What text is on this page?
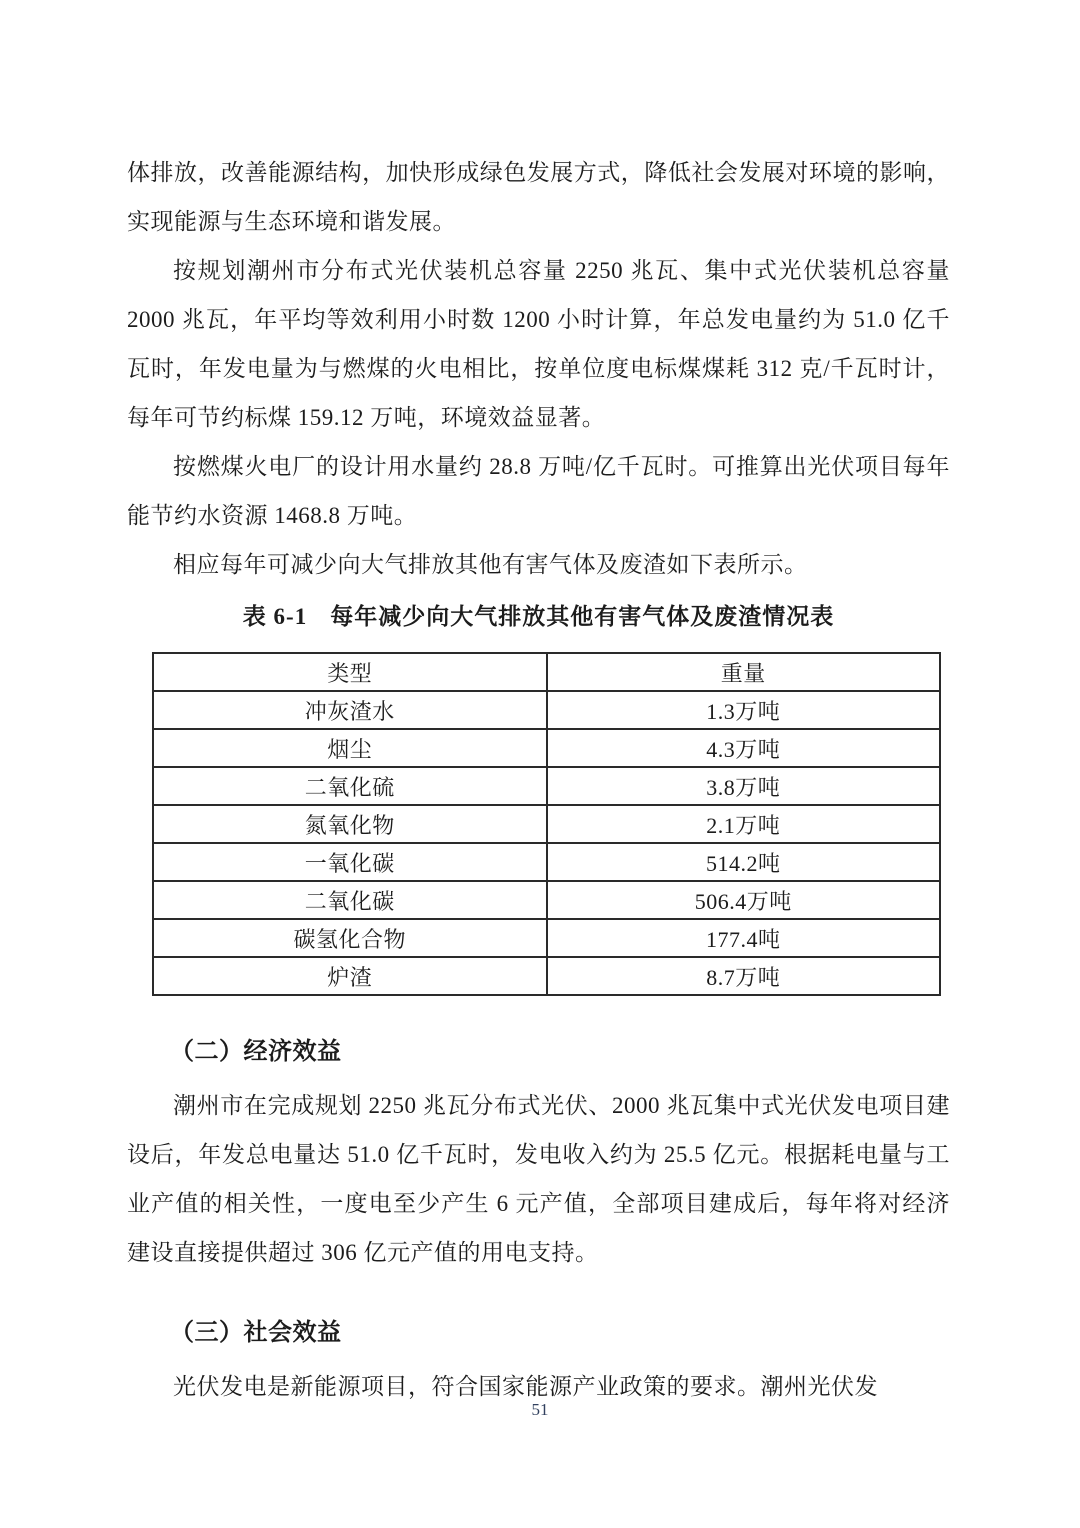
体排放，改善能源结构，加快形成绿色发展方式，降低社会发展对环境的影响，实现能源与生态环境和谐发展。

按规划潮州市分布式光伏装机总容量 2250 兆瓦、集中式光伏装机总容量 2000 兆瓦，年平均等效利用小时数 1200 小时计算，年总发电量约为 51.0 亿千瓦时，年发电量为与燃煤的火电相比，按单位度电标煤煤耗 312 克/千瓦时计，每年可节约标煤 159.12 万吨，环境效益显著。

按燃煤火电厂的设计用水量约 28.8 万吨/亿千瓦时。可推算出光伏项目每年能节约水资源 1468.8 万吨。

相应每年可减少向大气排放其他有害气体及废渣如下表所示。

表 6-1 每年减少向大气排放其他有害气体及废渣情况表
类型	重量
冲灰渣水	1.3万吨
烟尘	4.3万吨
二氧化硫	3.8万吨
氮氧化物	2.1万吨
一氧化碳	514.2吨
二氧化碳	506.4万吨
碳氢化合物	177.4吨
炉渣	8.7万吨
（二）经济效益

潮州市在完成规划 2250 兆瓦分布式光伏、2000 兆瓦集中式光伏发电项目建设后，年发总电量达 51.0 亿千瓦时，发电收入约为 25.5 亿元。根据耗电量与工业产值的相关性，一度电至少产生 6 元产值，全部项目建成后，每年将对经济建设直接提供超过 306 亿元产值的用电支持。

（三）社会效益

光伏发电是新能源项目，符合国家能源产业政策的要求。潮州光伏发

51
